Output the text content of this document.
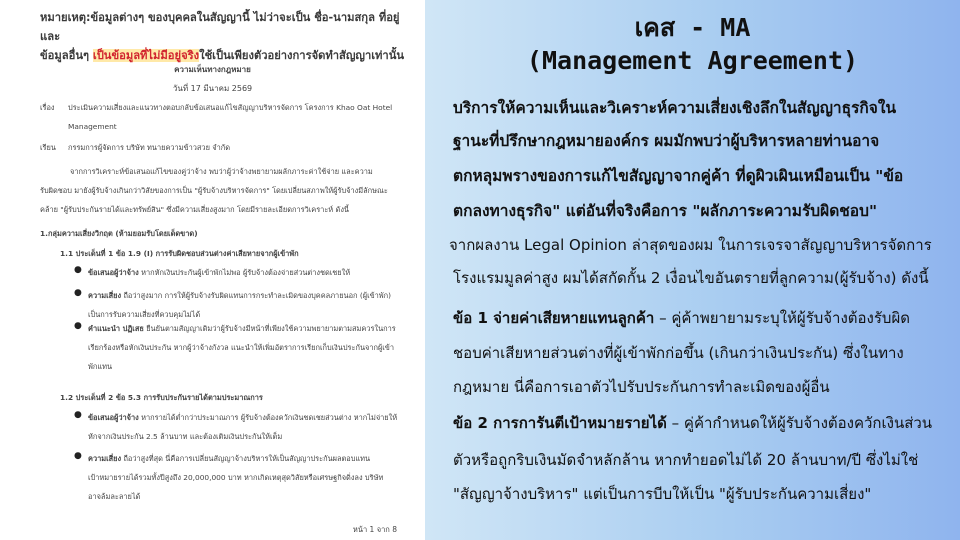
หมายเหตุ:ข้อมูลต่างๆ ของบุคคลในสัญญานี้ ไม่ว่าจะเป็น ชื่อ-นามสกุล ที่อยู่ และ
ข้อมูลอื่นๆ เป็นข้อมูลที่ไม่มีอยู่จริงใช้เป็นเพียงตัวอย่างการจัดทำสัญญาเท่านั้น
ความเห็นทางกฎหมาย
วันที่ 17 มีนาคม 2569
เรื่อง ประเมินความเสี่ยงและแนวทางตอบกลับข้อเสนอแก้ไขสัญญาบริหารจัดการ โครงการ Khao Oat Hotel
Management
เรียน กรรมการผู้จัดการ บริษัท ทนายความข้าวสวย จำกัด
จากการวิเคราะห์ข้อเสนอแก้ไขของคู่ว่าจ้าง พบว่าผู้ว่าจ้างพยายามผลักภาระค่าใช้จ่าย และความ
รับผิดชอบ มายังผู้รับจ้างเกินกว่าวิสัยของการเป็น "ผู้รับจ้างบริหารจัดการ" โดยเปลี่ยนสภาพให้ผู้รับจ้างมีลักษณะ
คล้าย "ผู้รับประกันรายได้และทรัพย์สิน" ซึ่งมีความเสี่ยงสูงมาก โดยมีรายละเอียดการวิเคราะห์ ดังนี้
1.กลุ่มความเสี่ยงวิกฤต (ห้ามยอมรับโดยเด็ดขาด)
1.1 ประเด็นที่ 1 ข้อ 1.9 (I) การรับผิดชอบส่วนต่างค่าเสียหายจากผู้เข้าพัก
● ข้อเสนอผู้ว่าจ้าง หากหักเงินประกันผู้เข้าพักไม่พอ ผู้รับจ้างต้องจ่ายส่วนต่างชดเชยให้
● ความเสี่ยง ถือว่าสูงมาก การให้ผู้รับจ้างรับผิดแทนการกระทำละเมิดของบุคคลภายนอก (ผู้เข้าพัก)
เป็นการรับความเสี่ยงที่ควบคุมไม่ได้
● คำแนะนำ ปฏิเสธ ยืนยันตามสัญญาเดิมว่าผู้รับจ้างมีหน้าที่เพียงใช้ความพยายามตามสมควรในการ
เรียกร้องหรือหักเงินประกัน หากผู้ว่าจ้างกังวล แนะนำให้เพิ่มอัตราการเรียกเก็บเงินประกันจากผู้เข้า
พักแทน
1.2 ประเด็นที่ 2 ข้อ 5.3 การรับประกันรายได้ตามประมาณการ
● ข้อเสนอผู้ว่าจ้าง หากรายได้ต่ำกว่าประมาณการ ผู้รับจ้างต้องควักเงินชดเชยส่วนต่าง หากไม่จ่ายให้
หักจากเงินประกัน 2.5 ล้านบาท และต้องเติมเงินประกันให้เต็ม
● ความเสี่ยง ถือว่าสูงที่สุด นี่คือการเปลี่ยนสัญญาจ้างบริหารให้เป็นสัญญาประกันผลตอบแทน
เป้าหมายรายได้รวมทั้งปีสูงถึง 20,000,000 บาท หากเกิดเหตุสุดวิสัยหรือเศรษฐกิจดิ่งลง บริษัท
อาจล้มละลายได้
หน้า 1 จาก 8
เคส - MA
(Management Agreement)
บริการให้ความเห็นและวิเคราะห์ความเสี่ยงเชิงลึกในสัญญาธุรกิจใน
ฐานะที่ปรึกษากฎหมายองค์กร ผมมักพบว่าผู้บริหารหลายท่านอาจ
ตกหลุมพรางของการแก้ไขสัญญาจากคู่ค้า ที่ดูผิวเผินเหมือนเป็น "ข้อ
ตกลงทางธุรกิจ" แต่อันที่จริงคือการ "ผลักภาระความรับผิดชอบ"
จากผลงาน Legal Opinion ล่าสุดของผม ในการเจรจาสัญญาบริหารจัดการ
โรงแรมมูลค่าสูง ผมได้สกัดกั้น 2 เงื่อนไขอันตรายที่ลูกความ(ผู้รับจ้าง) ดังนี้
ข้อ 1 จ่ายค่าเสียหายแทนลูกค้า – คู่ค้าพยายามระบุให้ผู้รับจ้างต้องรับผิด
ชอบค่าเสียหายส่วนต่างที่ผู้เข้าพักก่อขึ้น (เกินกว่าเงินประกัน) ซึ่งในทาง
กฎหมาย นี่คือการเอาตัวไปรับประกันการทำละเมิดของผู้อื่น
ข้อ 2 การการันตีเป้าหมายรายได้ – คู่ค้ากำหนดให้ผู้รับจ้างต้องควักเงินส่วน
ตัวหรือถูกริบเงินมัดจำหลักล้าน หากทำยอดไม่ได้ 20 ล้านบาท/ปี ซึ่งไม่ใช่
"สัญญาจ้างบริหาร" แต่เป็นการบีบให้เป็น "ผู้รับประกันความเสี่ยง"
